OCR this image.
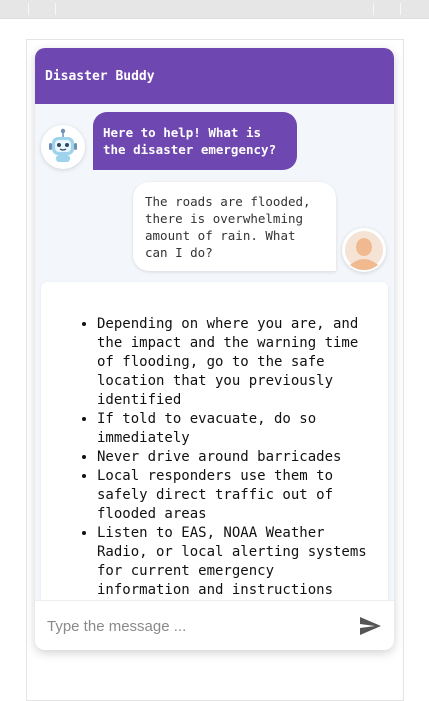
Disaster Buddy
Here to help! What is the disaster emergency?
The roads are flooded, there is overwhelming amount of rain. What can I do?
• Depending on where you are, and the impact and the warning time of flooding, go to the safe location that you previously identified
• If told to evacuate, do so immediately
• Never drive around barricades
• Local responders use them to safely direct traffic out of flooded areas
• Listen to EAS, NOAA Weather Radio, or local alerting systems for current emergency information and instructions
Type the message ...
